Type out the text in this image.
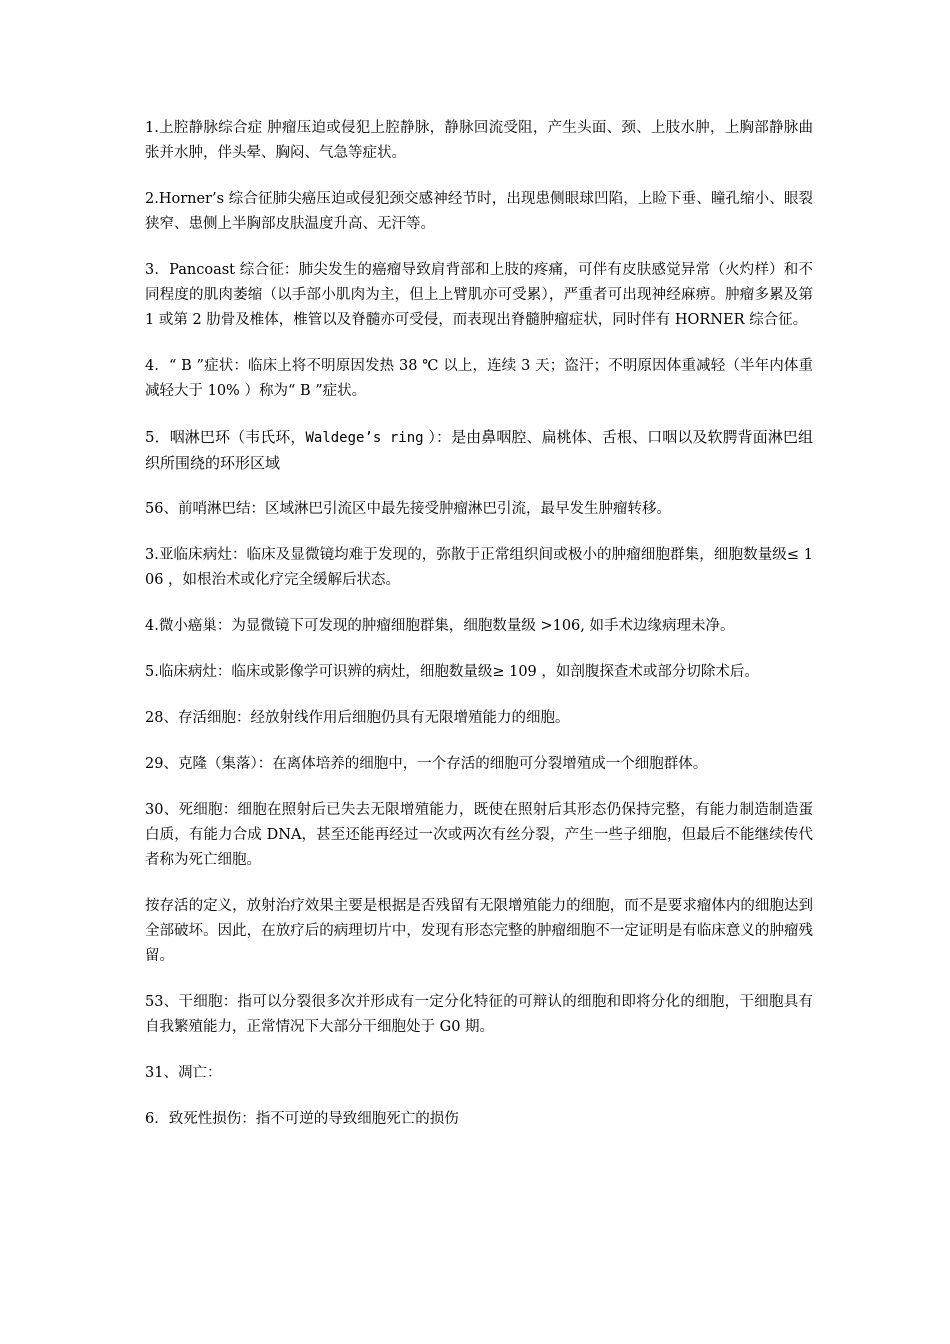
1.上腔静脉综合症 肿瘤压迫或侵犯上腔静脉，静脉回流受阻，产生头面、颈、上肢水肿，上胸部静脉曲张并水肿，伴头晕、胸闷、气急等症状。

2.Horner’s 综合征肺尖癌压迫或侵犯颈交感神经节时，出现患侧眼球凹陷，上睑下垂、瞳孔缩小、眼裂狭窄、患侧上半胸部皮肤温度升高、无汗等。

3．Pancoast 综合征：肺尖发生的癌瘤导致肩背部和上肢的疼痛，可伴有皮肤感觉异常（火灼样）和不同程度的肌肉萎缩（以手部小肌肉为主，但上上臂肌亦可受累），严重者可出现神经麻痹。肿瘤多累及第 1 或第 2 肋骨及椎体，椎管以及脊髓亦可受侵，而表现出脊髓肿瘤症状，同时伴有 HORNER 综合征。

4．“ B ”症状：临床上将不明原因发热 38 ℃ 以上，连续 3 天；盗汗；不明原因体重减轻（半年内体重减轻大于 10% ）称为“ B ”症状。

5．咽淋巴环（韦氏环，Waldege’s ring ）：是由鼻咽腔、扁桃体、舌根、口咽以及软腭背面淋巴组织所围绕的环形区域

56、前哨淋巴结：区域淋巴引流区中最先接受肿瘤淋巴引流，最早发生肿瘤转移。

3.亚临床病灶：临床及显微镜均难于发现的，弥散于正常组织间或极小的肿瘤细胞群集，细胞数量级≤ 106 ，如根治术或化疗完全缓解后状态。

4.微小癌巢：为显微镜下可发现的肿瘤细胞群集，细胞数量级 >106, 如手术边缘病理未净。

5.临床病灶：临床或影像学可识辨的病灶，细胞数量级≥ 109 ，如剖腹探查术或部分切除术后。

28、存活细胞：经放射线作用后细胞仍具有无限增殖能力的细胞。

29、克隆（集落）：在离体培养的细胞中，一个存活的细胞可分裂增殖成一个细胞群体。

30、死细胞：细胞在照射后已失去无限增殖能力，既使在照射后其形态仍保持完整，有能力制造制造蛋白质，有能力合成 DNA，甚至还能再经过一次或两次有丝分裂，产生一些子细胞，但最后不能继续传代者称为死亡细胞。

按存活的定义，放射治疗效果主要是根据是否残留有无限增殖能力的细胞，而不是要求瘤体内的细胞达到全部破坏。因此，在放疗后的病理切片中，发现有形态完整的肿瘤细胞不一定证明是有临床意义的肿瘤残留。

53、干细胞：指可以分裂很多次并形成有一定分化特征的可辩认的细胞和即将分化的细胞，干细胞具有自我繁殖能力，正常情况下大部分干细胞处于 G0 期。

31、凋亡：

6．致死性损伤：指不可逆的导致细胞死亡的损伤
